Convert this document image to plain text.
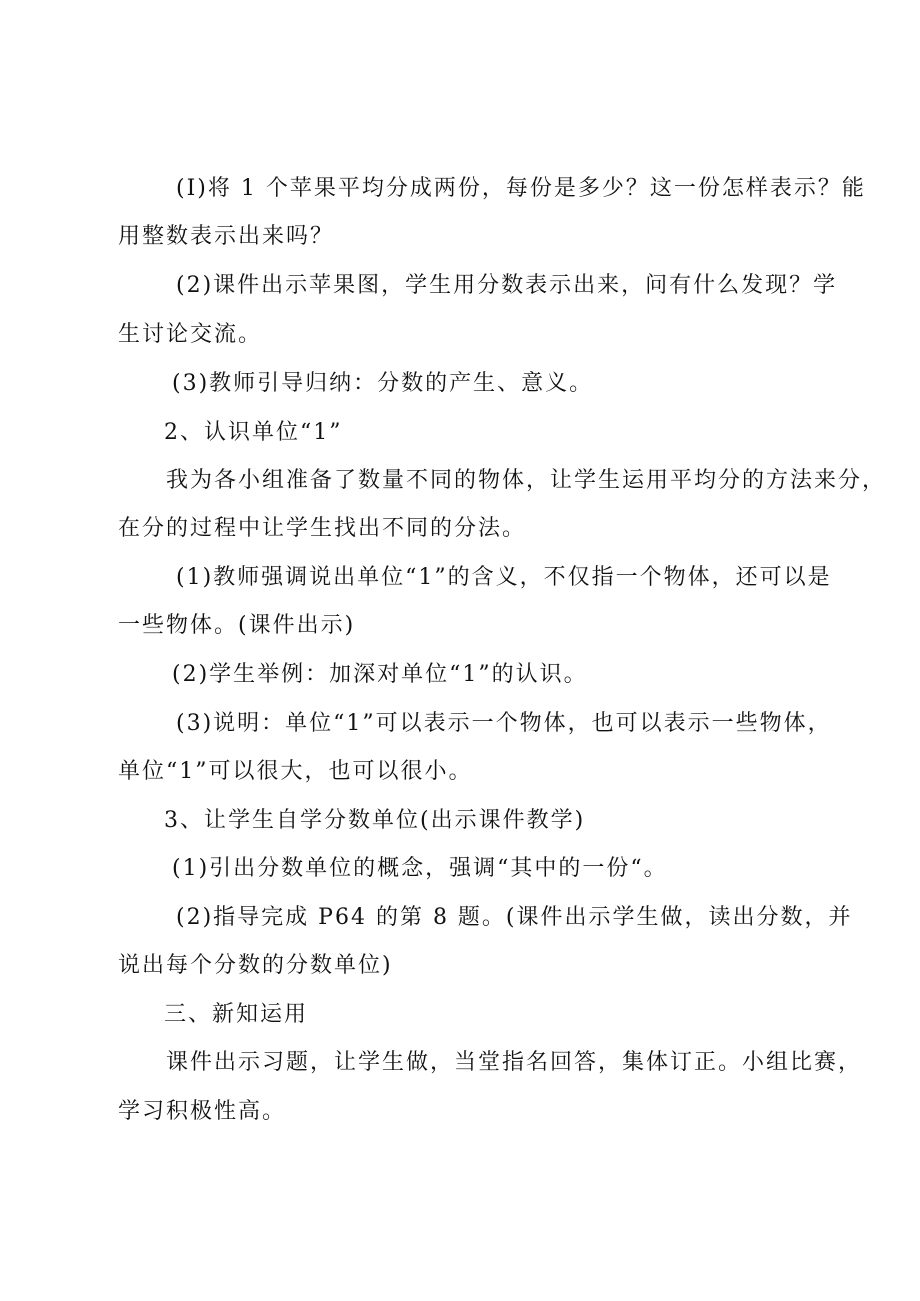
(I)将 1 个苹果平均分成两份，每份是多少？这一份怎样表示？能
用整数表示出来吗？
(2)课件出示苹果图，学生用分数表示出来，问有什么发现？学
生讨论交流。
(3)教师引导归纳：分数的产生、意义。
2、认识单位“1”
我为各小组准备了数量不同的物体，让学生运用平均分的方法来分，
在分的过程中让学生找出不同的分法。
(1)教师强调说出单位“1”的含义，不仅指一个物体，还可以是
一些物体。(课件出示)
(2)学生举例：加深对单位“1”的认识。
(3)说明：单位“1”可以表示一个物体，也可以表示一些物体，
单位“1”可以很大，也可以很小。
3、让学生自学分数单位(出示课件教学)
(1)引出分数单位的概念，强调“其中的一份“。
(2)指导完成 P64 的第 8 题。(课件出示学生做，读出分数，并
说出每个分数的分数单位)
三、新知运用
课件出示习题，让学生做，当堂指名回答，集体订正。小组比赛，
学习积极性高。
